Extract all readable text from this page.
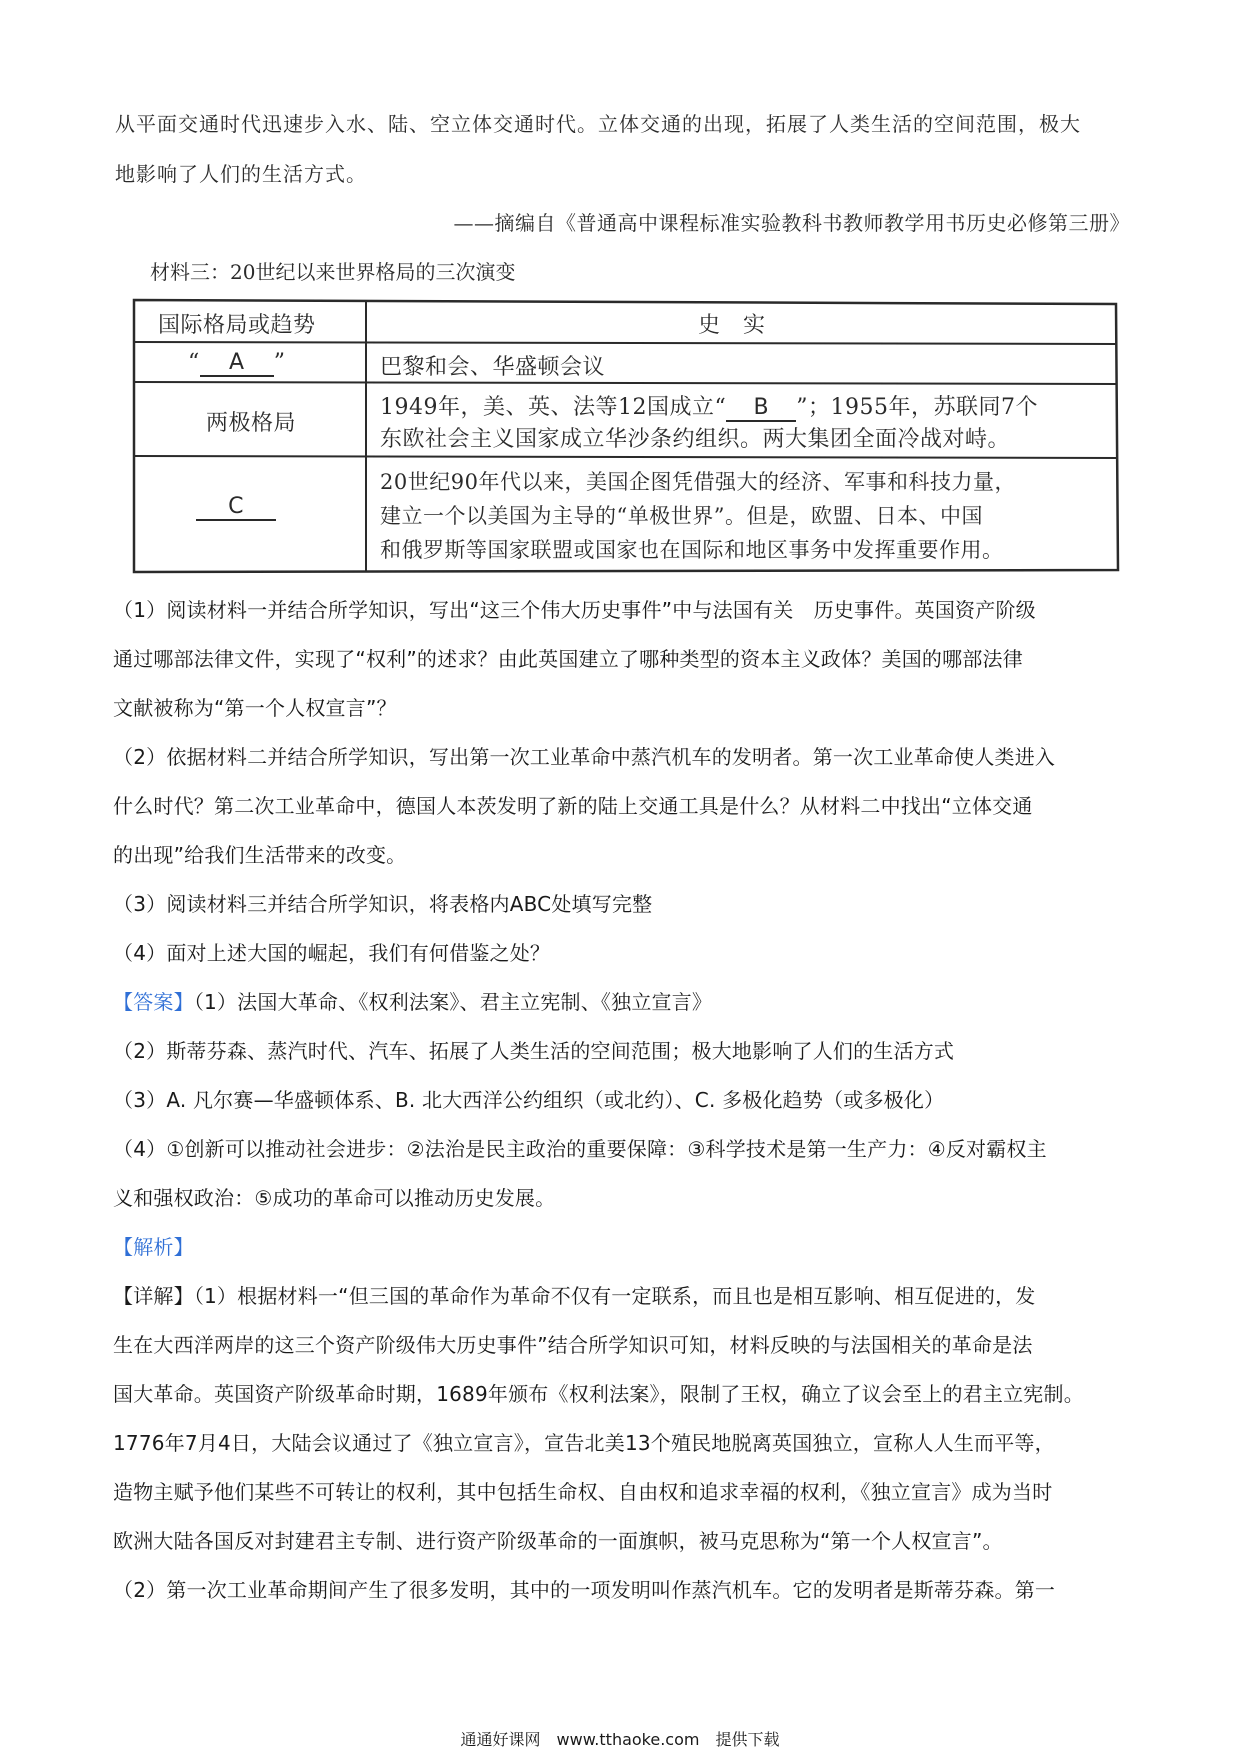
从平面交通时代迅速步入水、陆、空立体交通时代。立体交通的出现，拓展了人类生活的空间范围，极大
地影响了人们的生活方式。
——摘编自《普通高中课程标准实验教科书教师教学用书历史必修第三册》
材料三：20世纪以来世界格局的三次演变
国际格局或趋势	史　实
“ A ”	巴黎和会、华盛顿会议
两极格局
1949年，美、英、法等12国成立“ B ”；1955年，苏联同7个
东欧社会主义国家成立华沙条约组织。两大集团全面冷战对峙。
C
20世纪90年代以来，美国企图凭借强大的经济、军事和科技力量，
建立一个以美国为主导的“单极世界”。但是，欧盟、日本、中国
和俄罗斯等国家联盟或国家也在国际和地区事务中发挥重要作用。
（1）阅读材料一并结合所学知识，写出“这三个伟大历史事件”中与法国有关　历史事件。英国资产阶级
通过哪部法律文件，实现了“权利”的述求？由此英国建立了哪种类型的资本主义政体？美国的哪部法律
文献被称为“第一个人权宣言”？
（2）依据材料二并结合所学知识，写出第一次工业革命中蒸汽机车的发明者。第一次工业革命使人类进入
什么时代？第二次工业革命中，德国人本茨发明了新的陆上交通工具是什么？从材料二中找出“立体交通
的出现”给我们生活带来的改变。
（3）阅读材料三并结合所学知识，将表格内ABC处填写完整
（4）面对上述大国的崛起，我们有何借鉴之处？
【答案】（1）法国大革命、《权利法案》、君主立宪制、《独立宣言》
（2）斯蒂芬森、蒸汽时代、汽车、拓展了人类生活的空间范围；极大地影响了人们的生活方式
（3）A. 凡尔赛—华盛顿体系、B. 北大西洋公约组织（或北约）、C. 多极化趋势（或多极化）
（4）①创新可以推动社会进步：②法治是民主政治的重要保障：③科学技术是第一生产力：④反对霸权主
义和强权政治：⑤成功的革命可以推动历史发展。
【解析】
【详解】（1）根据材料一“但三国的革命作为革命不仅有一定联系，而且也是相互影响、相互促进的，发
生在大西洋两岸的这三个资产阶级伟大历史事件”结合所学知识可知，材料反映的与法国相关的革命是法
国大革命。英国资产阶级革命时期，1689年颁布《权利法案》，限制了王权，确立了议会至上的君主立宪制。
1776年7月4日，大陆会议通过了《独立宣言》，宣告北美13个殖民地脱离英国独立，宣称人人生而平等，
造物主赋予他们某些不可转让的权利，其中包括生命权、自由权和追求幸福的权利，《独立宣言》成为当时
欧洲大陆各国反对封建君主专制、进行资产阶级革命的一面旗帜，被马克思称为“第一个人权宣言”。
（2）第一次工业革命期间产生了很多发明，其中的一项发明叫作蒸汽机车。它的发明者是斯蒂芬森。第一
通通好课网　www.tthaoke.com　提供下载
